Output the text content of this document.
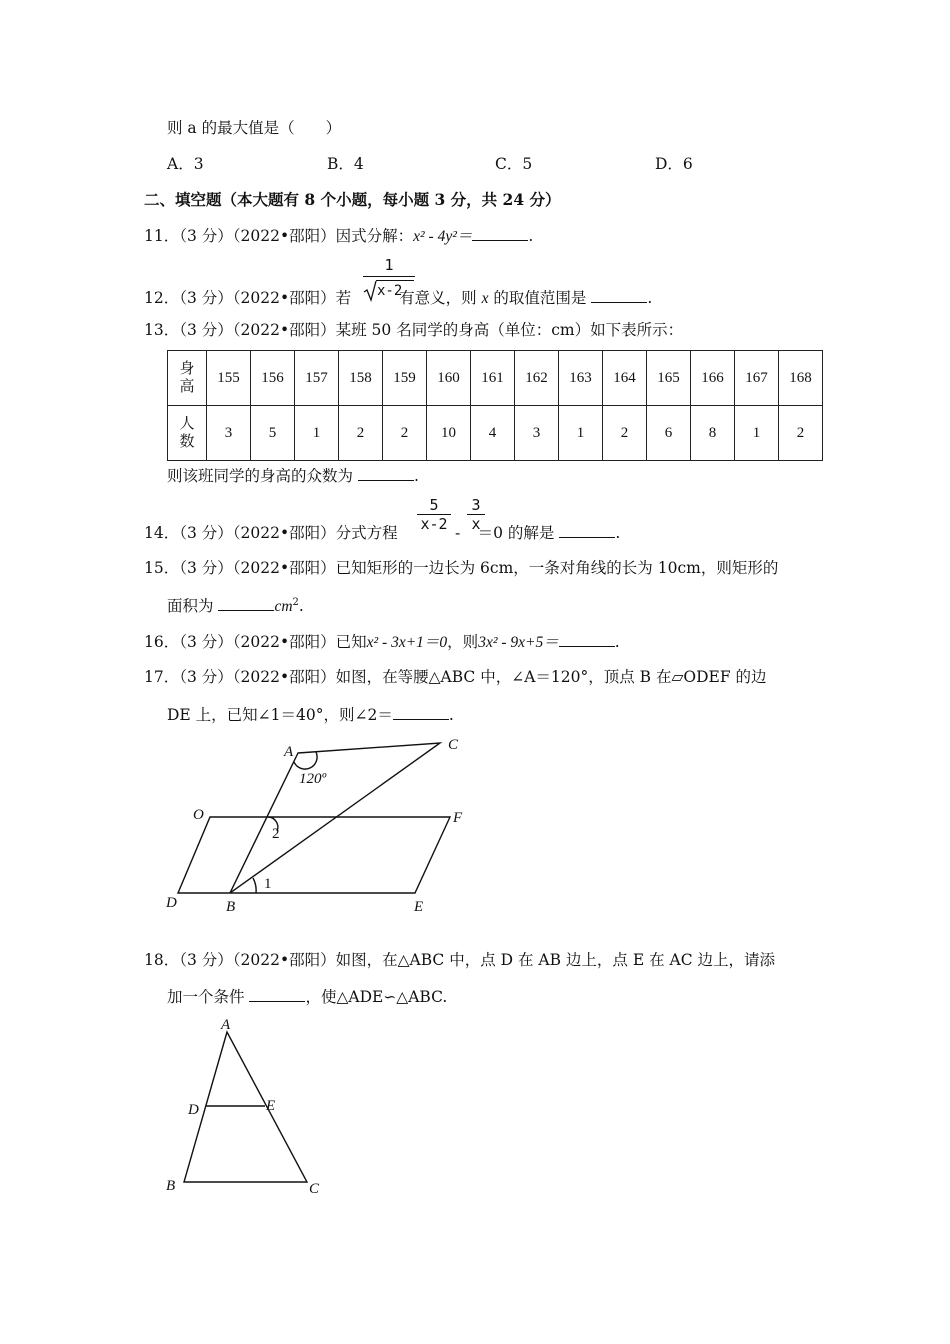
则 a 的最大值是（　　）
A．3	B．4	C．5	D．6
二、填空题（本大题有 8 个小题，每小题 3 分，共 24 分）
11．（3 分）（2022•邵阳）因式分解：x² - 4y²＝	.
12．（3 分）（2022•邵阳）若	有意义，则 x 的取值范围是	.
1
x-2
13．（3 分）（2022•邵阳）某班 50 名同学的身高（单位：cm）如下表所示：
身高	155	156	157	158	159	160	161	162	163	164	165	166	167	168
人数	3	5	1	2	2	10	4	3	1	2	6	8	1	2
则该班同学的身高的众数为	.
14．（3 分）（2022•邵阳）分式方程	＝0 的解是	.
$\frac{5}{x-2} - \frac{3}{x}$
15．（3 分）（2022•邵阳）已知矩形的一边长为 6cm，一条对角线的长为 10cm，则矩形的
面积为	$cm^2$.
16．（3 分）（2022•邵阳）已知x² - 3x+1＝0，则3x² - 9x+5＝	.
17．（3 分）（2022•邵阳）如图，在等腰△ABC 中，∠A＝120°，顶点 B 在▱ODEF 的边
DE 上，已知∠1＝40°，则∠2＝	.
A	C
120º
O	F
2
1
D	B	E
18．（3 分）（2022•邵阳）如图，在△ABC 中，点 D 在 AB 边上，点 E 在 AC 边上，请添
加一个条件	，使△ADE∽△ABC.
A
D	E
B	C
